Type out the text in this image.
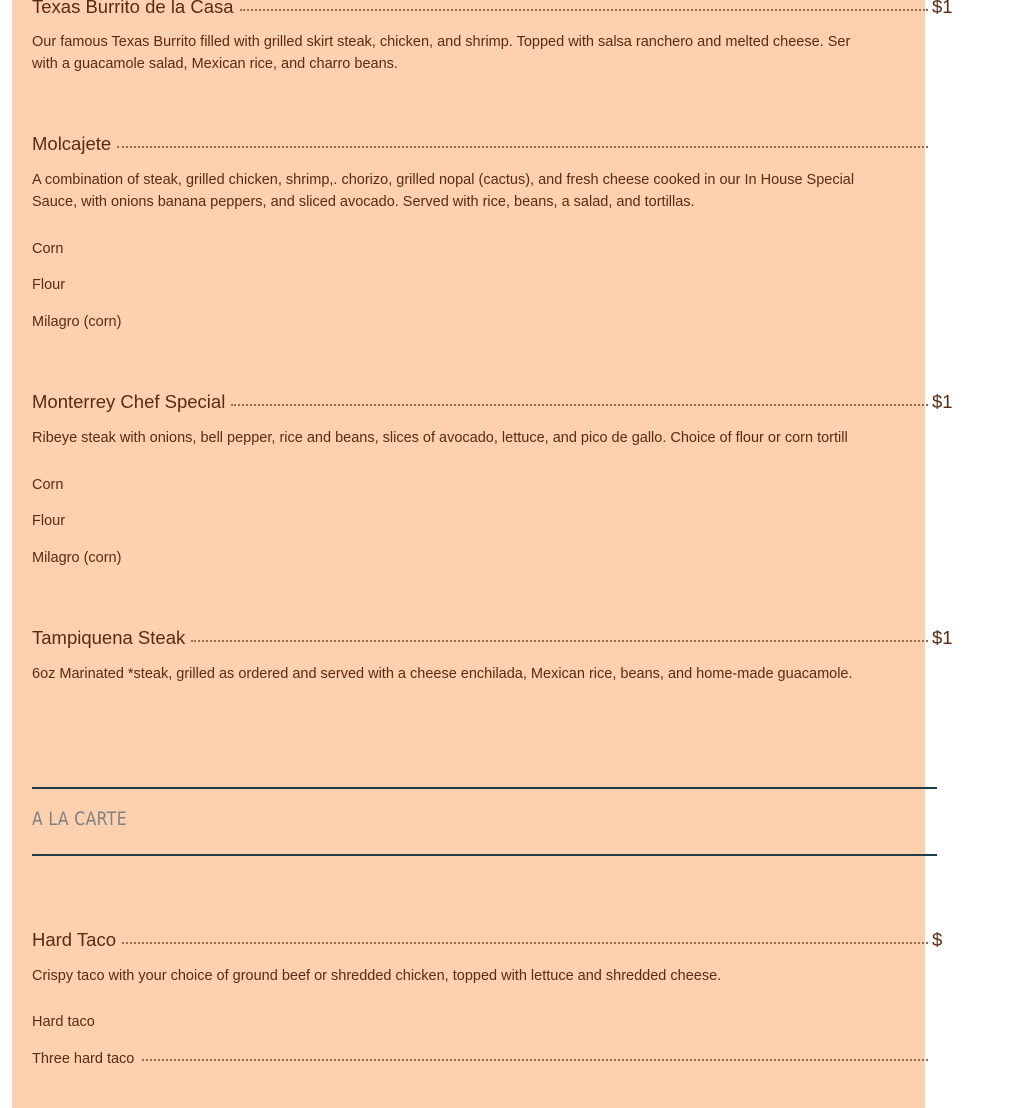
Texas Burrito de la Casa	$1
Our famous Texas Burrito filled with grilled skirt steak, chicken, and shrimp. Topped with salsa ranchero and melted cheese. Ser
with a guacamole salad, Mexican rice, and charro beans.
Molcajete
A combination of steak, grilled chicken, shrimp,. chorizo, grilled nopal (cactus), and fresh cheese cooked in our In House Special
Sauce, with onions banana peppers, and sliced avocado. Served with rice, beans, a salad, and tortillas.
Corn
Flour
Milagro (corn)
Monterrey Chef Special	$1
Ribeye steak with onions, bell pepper, rice and beans, slices of avocado, lettuce, and pico de gallo. Choice of flour or corn tortill
Corn
Flour
Milagro (corn)
Tampiquena Steak	$1
6oz Marinated *steak, grilled as ordered and served with a cheese enchilada, Mexican rice, beans, and home-made guacamole.
A LA CARTE
Hard Taco	$
Crispy taco with your choice of ground beef or shredded chicken, topped with lettuce and shredded cheese.
Hard taco
Three hard taco
